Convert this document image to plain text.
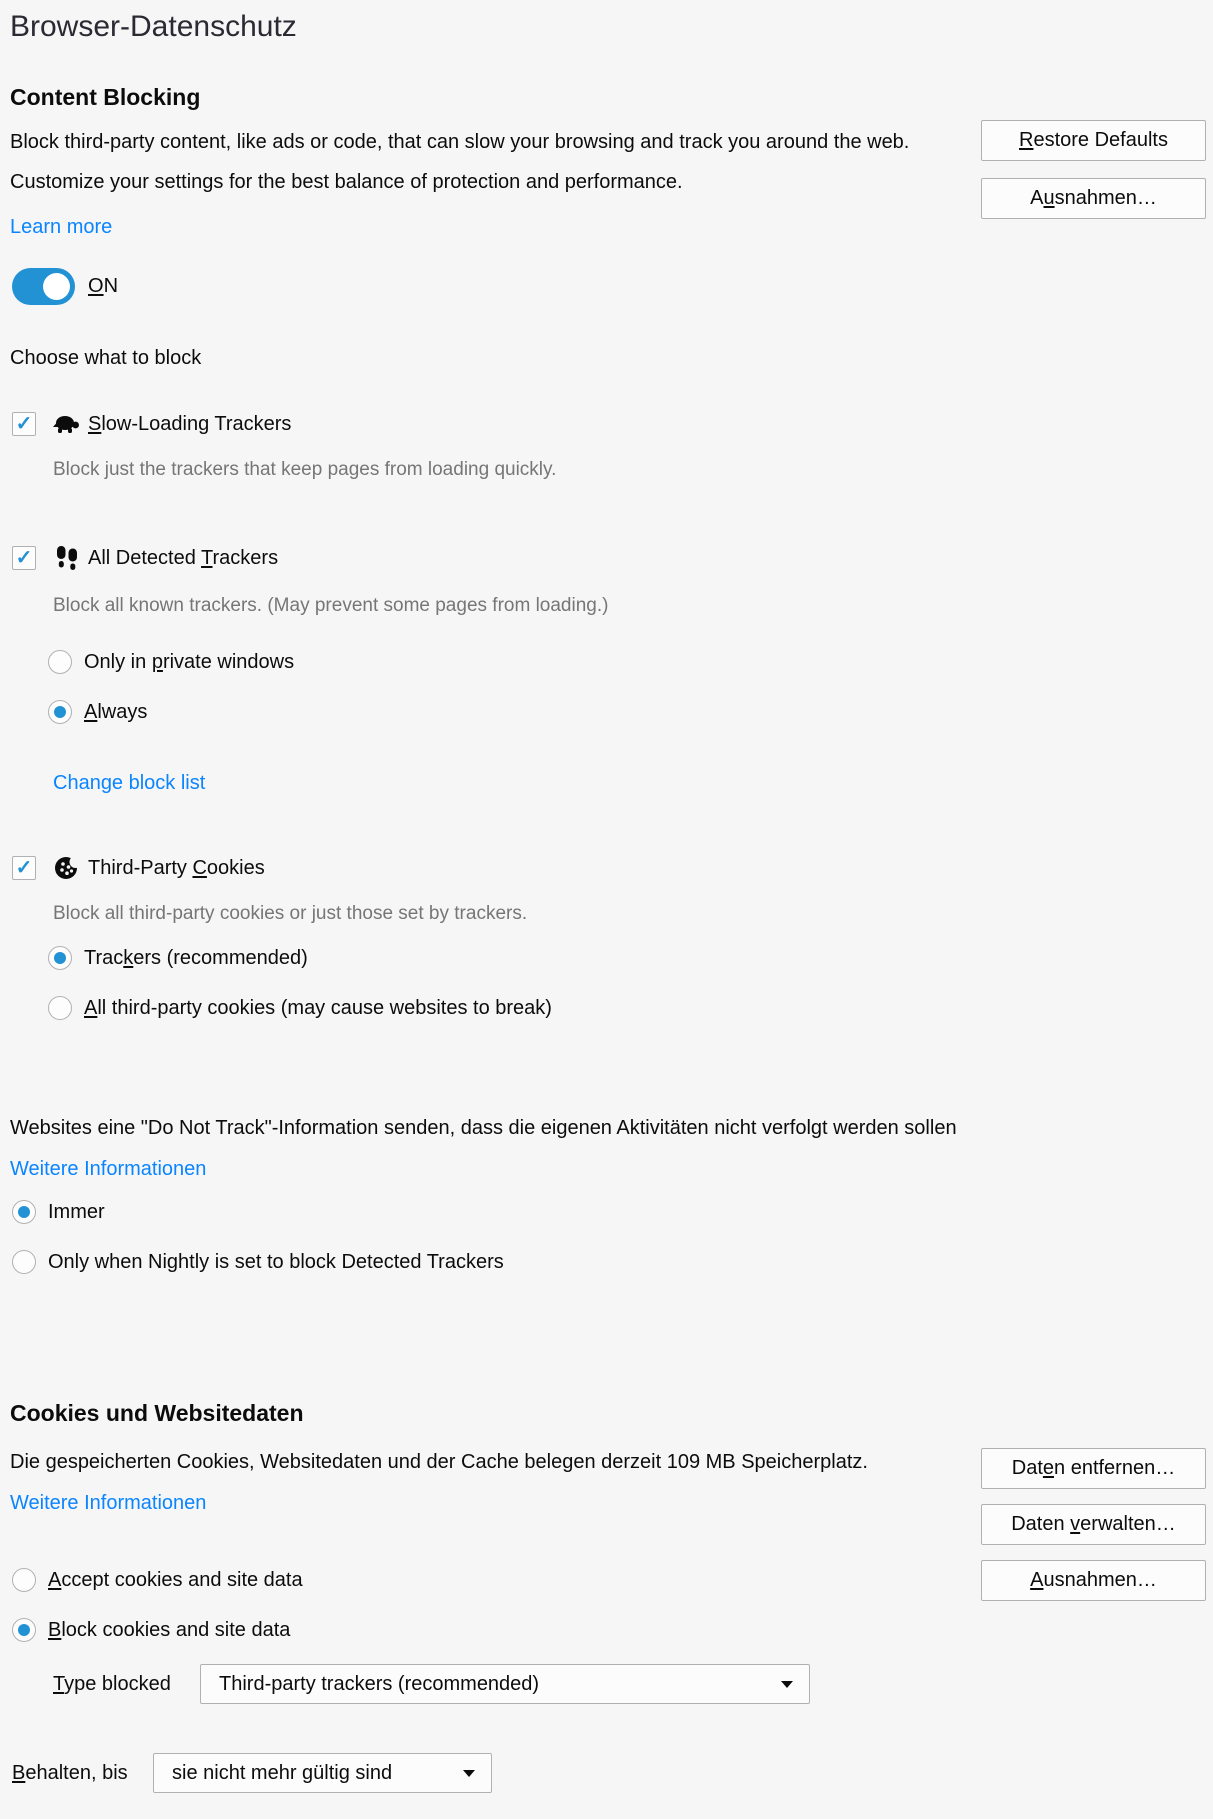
Browser-Datenschutz
Content Blocking

Block third-party content, like ads or code, that can slow your browsing and track you around the web. Customize your settings for the best balance of protection and performance.

Learn more
ON
Choose what to block
✓	Slow-Loading Trackers
Block just the trackers that keep pages from loading quickly.
✓	All Detected Trackers
Block all known trackers. (May prevent some pages from loading.)
Only in private windows
Always
Change block list
✓	Third-Party Cookies
Block all third-party cookies or just those set by trackers.
Trackers (recommended)
All third-party cookies (may cause websites to break)

Websites eine "Do Not Track"-Information senden, dass die eigenen Aktivitäten nicht verfolgt werden sollen

Weitere Informationen
Immer
Only when Nightly is set to block Detected Trackers
Cookies und Websitedaten

Die gespeicherten Cookies, Websitedaten und der Cache belegen derzeit 109 MB Speicherplatz.

Weitere Informationen
Accept cookies and site data
Block cookies and site data
Type blocked	Third-party trackers (recommended)
Behalten, bis	sie nicht mehr gültig sind
Restore Defaults
Ausnahmen…
Daten entfernen…
Daten verwalten…
Ausnahmen…
